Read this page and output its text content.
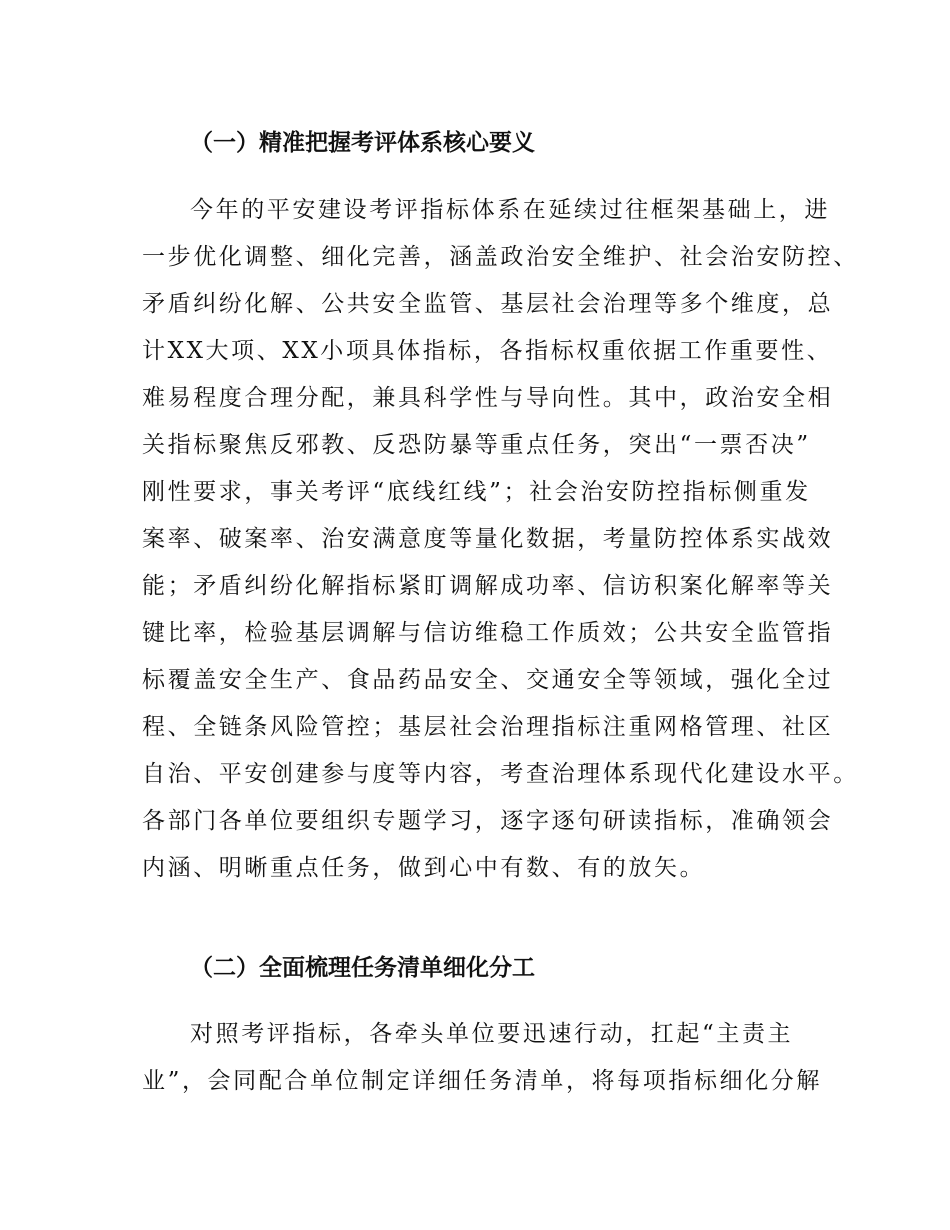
（一）精准把握考评体系核心要义

今年的平安建设考评指标体系在延续过往框架基础上，进

一步优化调整、细化完善，涵盖政治安全维护、社会治安防控、

矛盾纠纷化解、公共安全监管、基层社会治理等多个维度，总

计XX大项、XX小项具体指标，各指标权重依据工作重要性、

难易程度合理分配，兼具科学性与导向性。其中，政治安全相

关指标聚焦反邪教、反恐防暴等重点任务，突出“一票否决”

刚性要求，事关考评“底线红线”；社会治安防控指标侧重发

案率、破案率、治安满意度等量化数据，考量防控体系实战效

能；矛盾纠纷化解指标紧盯调解成功率、信访积案化解率等关

键比率，检验基层调解与信访维稳工作质效；公共安全监管指

标覆盖安全生产、食品药品安全、交通安全等领域，强化全过

程、全链条风险管控；基层社会治理指标注重网格管理、社区

自治、平安创建参与度等内容，考查治理体系现代化建设水平。

各部门各单位要组织专题学习，逐字逐句研读指标，准确领会

内涵、明晰重点任务，做到心中有数、有的放矢。

（二）全面梳理任务清单细化分工

对照考评指标，各牵头单位要迅速行动，扛起“主责主

业”，会同配合单位制定详细任务清单，将每项指标细化分解
